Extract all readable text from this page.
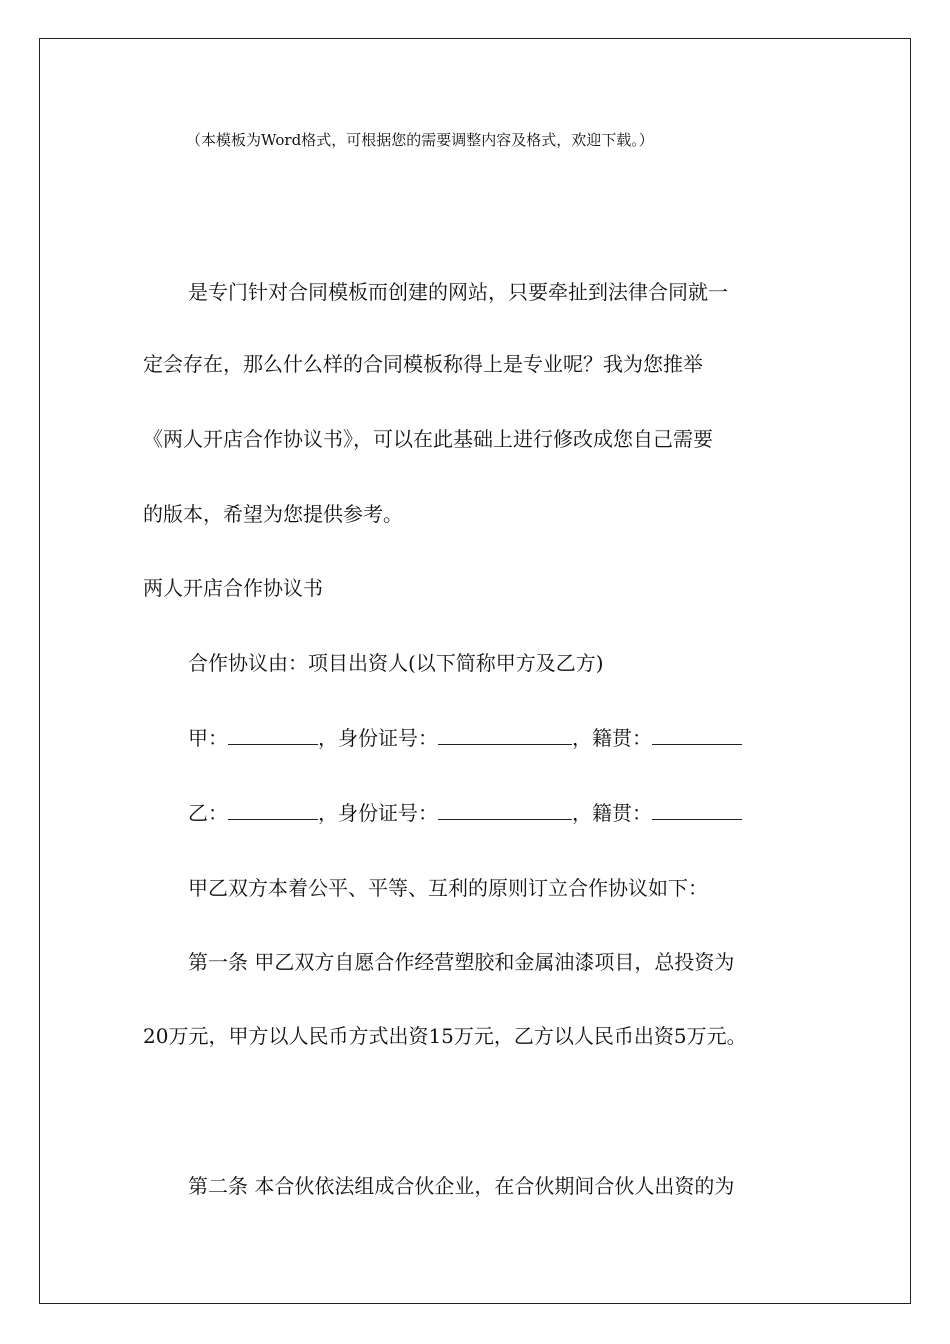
（本模板为Word格式，可根据您的需要调整内容及格式，欢迎下载。）
是专门针对合同模板而创建的网站，只要牵扯到法律合同就一
定会存在，那么什么样的合同模板称得上是专业呢？我为您推举
《两人开店合作协议书》，可以在此基础上进行修改成您自己需要
的版本，希望为您提供参考。
两人开店合作协议书
合作协议由：项目出资人(以下简称甲方及乙方)
甲：	，身份证号：	，籍贯：
乙：	，身份证号：	，籍贯：
甲乙双方本着公平、平等、互利的原则订立合作协议如下：
第一条 甲乙双方自愿合作经营塑胶和金属油漆项目，总投资为
20万元，甲方以人民币方式出资15万元，乙方以人民币出资5万元。
第二条 本合伙依法组成合伙企业，在合伙期间合伙人出资的为
